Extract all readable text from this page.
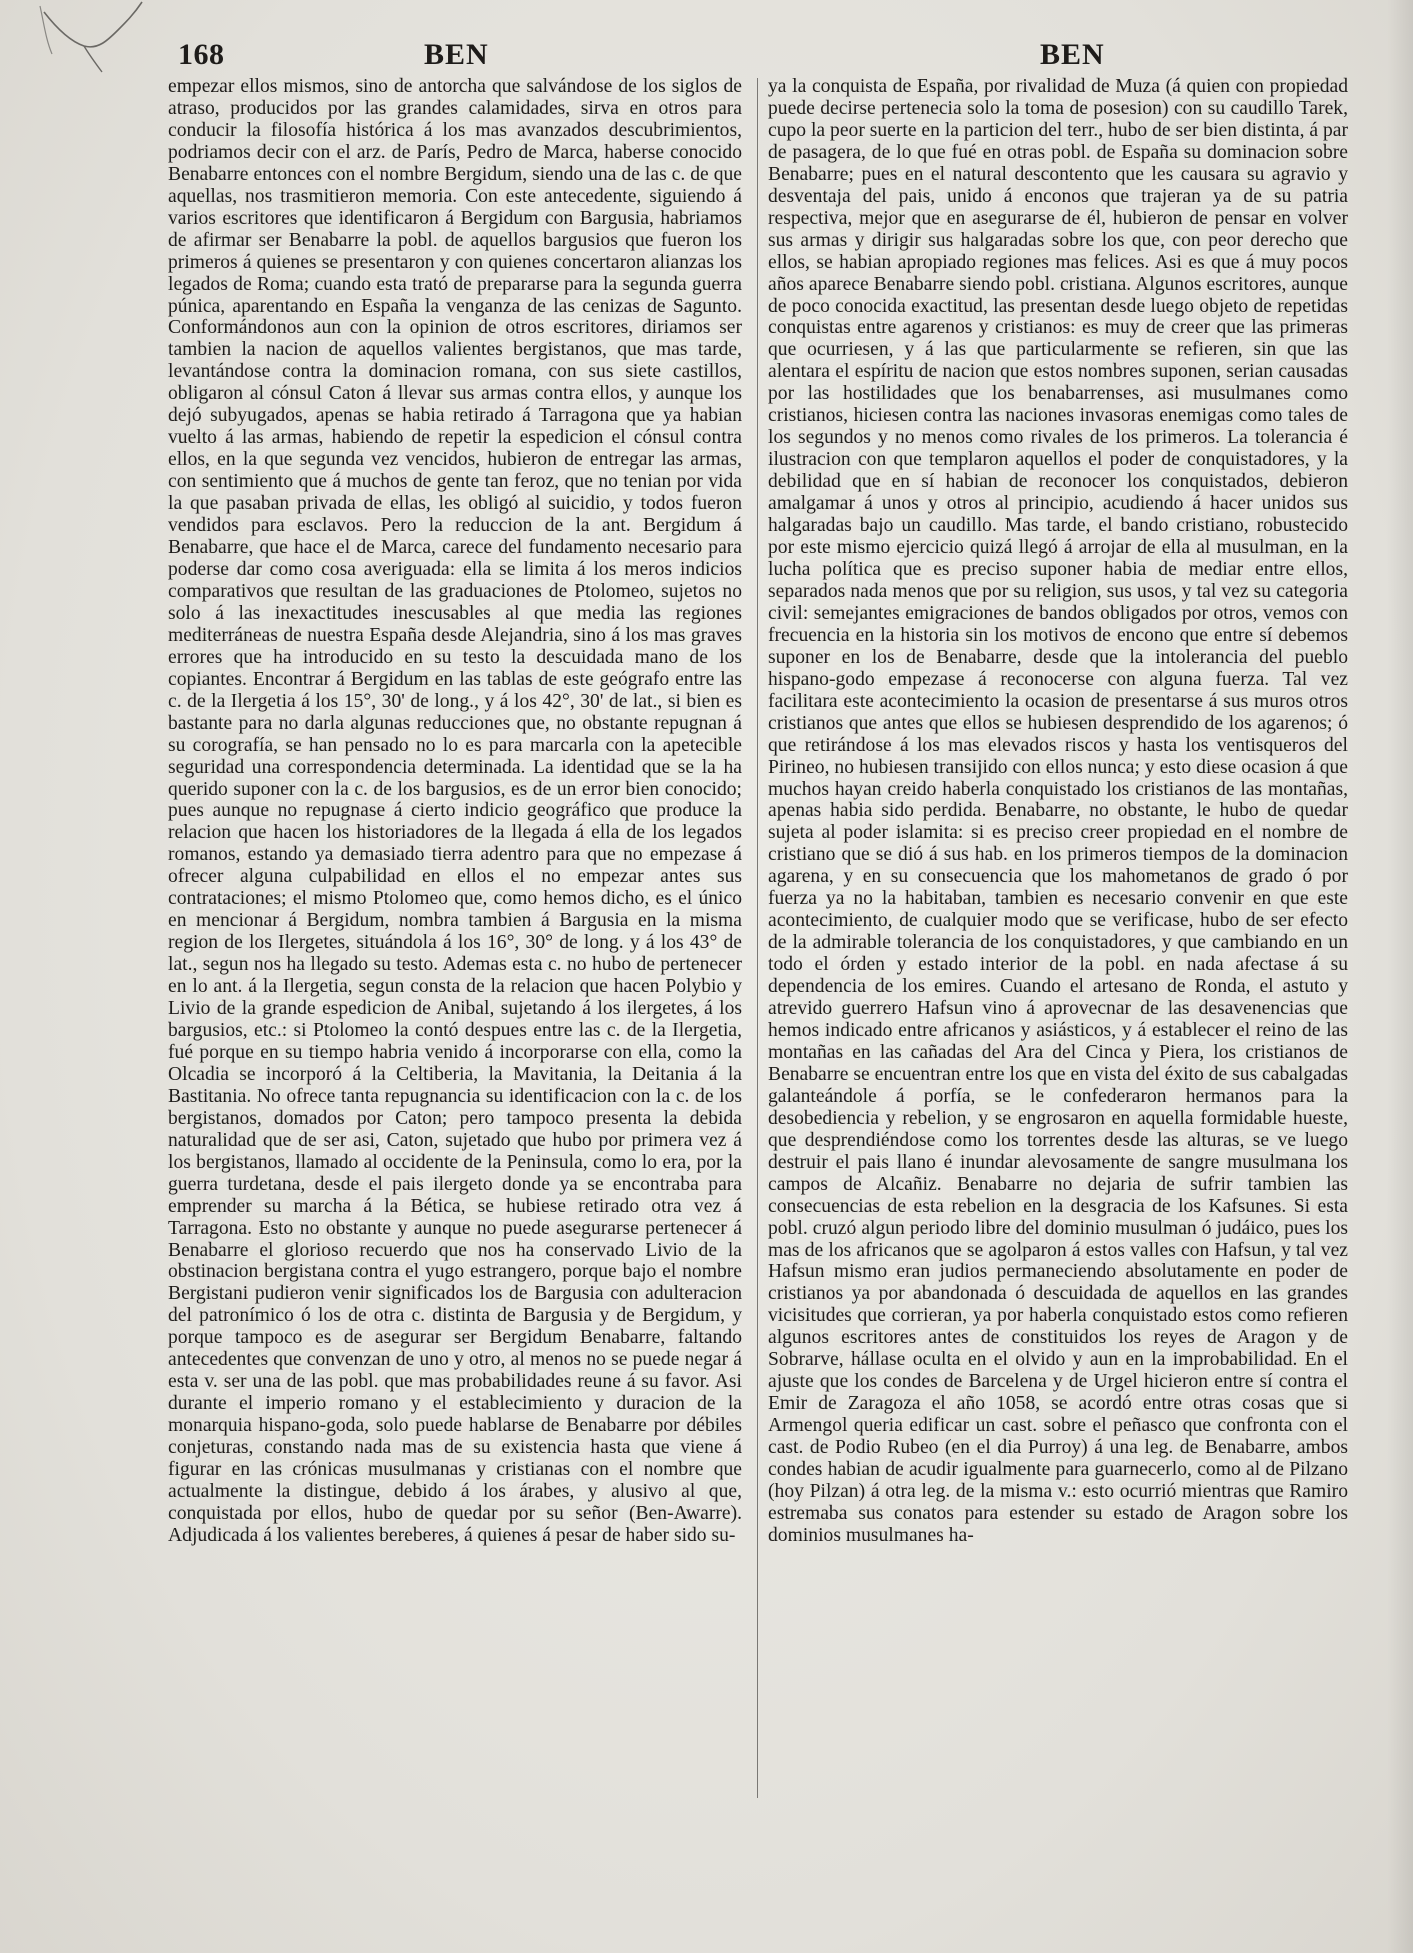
168	BEN	BEN

empezar ellos mismos, sino de antorcha que salvándose de los siglos de atraso, producidos por las grandes calamidades, sirva en otros para conducir la filosofía histórica á los mas avanzados descubrimientos, podriamos decir con el arz. de París, Pedro de Marca, haberse conocido Benabarre entonces con el nombre Bergidum, siendo una de las c. de que aquellas, nos trasmitieron memoria. Con este antecedente, siguiendo á varios escritores que identificaron á Bergidum con Bargusia, habriamos de afirmar ser Benabarre la pobl. de aquellos bargusios que fueron los primeros á quienes se presentaron y con quienes concertaron alianzas los legados de Roma; cuando esta trató de prepararse para la segunda guerra púnica, aparentando en España la venganza de las cenizas de Sagunto. Conformándonos aun con la opinion de otros escritores, diriamos ser tambien la nacion de aquellos valientes bergistanos, que mas tarde, levantándose contra la dominacion romana, con sus siete castillos, obligaron al cónsul Caton á llevar sus armas contra ellos, y aunque los dejó subyugados, apenas se habia retirado á Tarragona que ya habian vuelto á las armas, habiendo de repetir la espedicion el cónsul contra ellos, en la que segunda vez vencidos, hubieron de entregar las armas, con sentimiento que á muchos de gente tan feroz, que no tenian por vida la que pasaban privada de ellas, les obligó al suicidio, y todos fueron vendidos para esclavos. Pero la reduccion de la ant. Bergidum á Benabarre, que hace el de Marca, carece del fundamento necesario para poderse dar como cosa averiguada: ella se limita á los meros indicios comparativos que resultan de las graduaciones de Ptolomeo, sujetos no solo á las inexactitudes inescusables al que media las regiones mediterráneas de nuestra España desde Alejandria, sino á los mas graves errores que ha introducido en su testo la descuidada mano de los copiantes. Encontrar á Bergidum en las tablas de este geógrafo entre las c. de la Ilergetia á los 15°, 30' de long., y á los 42°, 30' de lat., si bien es bastante para no darla algunas reducciones que, no obstante repugnan á su corografía, se han pensado no lo es para marcarla con la apetecible seguridad una correspondencia determinada. La identidad que se la ha querido suponer con la c. de los bargusios, es de un error bien conocido; pues aunque no repugnase á cierto indicio geográfico que produce la relacion que hacen los historiadores de la llegada á ella de los legados romanos, estando ya demasiado tierra adentro para que no empezase á ofrecer alguna culpabilidad en ellos el no empezar antes sus contrataciones; el mismo Ptolomeo que, como hemos dicho, es el único en mencionar á Bergidum, nombra tambien á Bargusia en la misma region de los Ilergetes, situándola á los 16°, 30° de long. y á los 43° de lat., segun nos ha llegado su testo. Ademas esta c. no hubo de pertenecer en lo ant. á la Ilergetia, segun consta de la relacion que hacen Polybio y Livio de la grande espedicion de Anibal, sujetando á los ilergetes, á los bargusios, etc.: si Ptolomeo la contó despues entre las c. de la Ilergetia, fué porque en su tiempo habria venido á incorporarse con ella, como la Olcadia se incorporó á la Celtiberia, la Mavitania, la Deitania á la Bastitania. No ofrece tanta repugnancia su identificacion con la c. de los bergistanos, domados por Caton; pero tampoco presenta la debida naturalidad que de ser asi, Caton, sujetado que hubo por primera vez á los bergistanos, llamado al occidente de la Peninsula, como lo era, por la guerra turdetana, desde el pais ilergeto donde ya se encontraba para emprender su marcha á la Bética, se hubiese retirado otra vez á Tarragona. Esto no obstante y aunque no puede asegurarse pertenecer á Benabarre el glorioso recuerdo que nos ha conservado Livio de la obstinacion bergistana contra el yugo estrangero, porque bajo el nombre Bergistani pudieron venir significados los de Bargusia con adulteracion del patronímico ó los de otra c. distinta de Bargusia y de Bergidum, y porque tampoco es de asegurar ser Bergidum Benabarre, faltando antecedentes que convenzan de uno y otro, al menos no se puede negar á esta v. ser una de las pobl. que mas probabilidades reune á su favor. Asi durante el imperio romano y el establecimiento y duracion de la monarquia hispano-goda, solo puede hablarse de Benabarre por débiles conjeturas, constando nada mas de su existencia hasta que viene á figurar en las crónicas musulmanas y cristianas con el nombre que actualmente la distingue, debido á los árabes, y alusivo al que, conquistada por ellos, hubo de quedar por su señor (Ben-Awarre). Adjudicada á los valientes bereberes, á quienes á pesar de haber sido su-

ya la conquista de España, por rivalidad de Muza (á quien con propiedad puede decirse pertenecia solo la toma de posesion) con su caudillo Tarek, cupo la peor suerte en la particion del terr., hubo de ser bien distinta, á par de pasagera, de lo que fué en otras pobl. de España su dominacion sobre Benabarre; pues en el natural descontento que les causara su agravio y desventaja del pais, unido á enconos que trajeran ya de su patria respectiva, mejor que en asegurarse de él, hubieron de pensar en volver sus armas y dirigir sus halgaradas sobre los que, con peor derecho que ellos, se habian apropiado regiones mas felices. Asi es que á muy pocos años aparece Benabarre siendo pobl. cristiana. Algunos escritores, aunque de poco conocida exactitud, las presentan desde luego objeto de repetidas conquistas entre agarenos y cristianos: es muy de creer que las primeras que ocurriesen, y á las que particularmente se refieren, sin que las alentara el espíritu de nacion que estos nombres suponen, serian causadas por las hostilidades que los benabarrenses, asi musulmanes como cristianos, hiciesen contra las naciones invasoras enemigas como tales de los segundos y no menos como rivales de los primeros. La tolerancia é ilustracion con que templaron aquellos el poder de conquistadores, y la debilidad que en sí habian de reconocer los conquistados, debieron amalgamar á unos y otros al principio, acudiendo á hacer unidos sus halgaradas bajo un caudillo. Mas tarde, el bando cristiano, robustecido por este mismo ejercicio quizá llegó á arrojar de ella al musulman, en la lucha política que es preciso suponer habia de mediar entre ellos, separados nada menos que por su religion, sus usos, y tal vez su categoria civil: semejantes emigraciones de bandos obligados por otros, vemos con frecuencia en la historia sin los motivos de encono que entre sí debemos suponer en los de Benabarre, desde que la intolerancia del pueblo hispano-godo empezase á reconocerse con alguna fuerza. Tal vez facilitara este acontecimiento la ocasion de presentarse á sus muros otros cristianos que antes que ellos se hubiesen desprendido de los agarenos; ó que retirándose á los mas elevados riscos y hasta los ventisqueros del Pirineo, no hubiesen transijido con ellos nunca; y esto diese ocasion á que muchos hayan creido haberla conquistado los cristianos de las montañas, apenas habia sido perdida. Benabarre, no obstante, le hubo de quedar sujeta al poder islamita: si es preciso creer propiedad en el nombre de cristiano que se dió á sus hab. en los primeros tiempos de la dominacion agarena, y en su consecuencia que los mahometanos de grado ó por fuerza ya no la habitaban, tambien es necesario convenir en que este acontecimiento, de cualquier modo que se verificase, hubo de ser efecto de la admirable tolerancia de los conquistadores, y que cambiando en un todo el órden y estado interior de la pobl. en nada afectase á su dependencia de los emires. Cuando el artesano de Ronda, el astuto y atrevido guerrero Hafsun vino á aprovecnar de las desavenencias que hemos indicado entre africanos y asiásticos, y á establecer el reino de las montañas en las cañadas del Ara del Cinca y Piera, los cristianos de Benabarre se encuentran entre los que en vista del éxito de sus cabalgadas galanteándole á porfía, se le confederaron hermanos para la desobediencia y rebelion, y se engrosaron en aquella formidable hueste, que desprendiéndose como los torrentes desde las alturas, se ve luego destruir el pais llano é inundar alevosamente de sangre musulmana los campos de Alcañiz. Benabarre no dejaria de sufrir tambien las consecuencias de esta rebelion en la desgracia de los Kafsunes. Si esta pobl. cruzó algun periodo libre del dominio musulman ó judáico, pues los mas de los africanos que se agolparon á estos valles con Hafsun, y tal vez Hafsun mismo eran judios permaneciendo absolutamente en poder de cristianos ya por abandonada ó descuidada de aquellos en las grandes vicisitudes que corrieran, ya por haberla conquistado estos como refieren algunos escritores antes de constituidos los reyes de Aragon y de Sobrarve, hállase oculta en el olvido y aun en la improbabilidad. En el ajuste que los condes de Barcelena y de Urgel hicieron entre sí contra el Emir de Zaragoza el año 1058, se acordó entre otras cosas que si Armengol queria edificar un cast. sobre el peñasco que confronta con el cast. de Podio Rubeo (en el dia Purroy) á una leg. de Benabarre, ambos condes habian de acudir igualmente para guarnecerlo, como al de Pilzano (hoy Pilzan) á otra leg. de la misma v.: esto ocurrió mientras que Ramiro estremaba sus conatos para estender su estado de Aragon sobre los dominios musulmanes ha-
